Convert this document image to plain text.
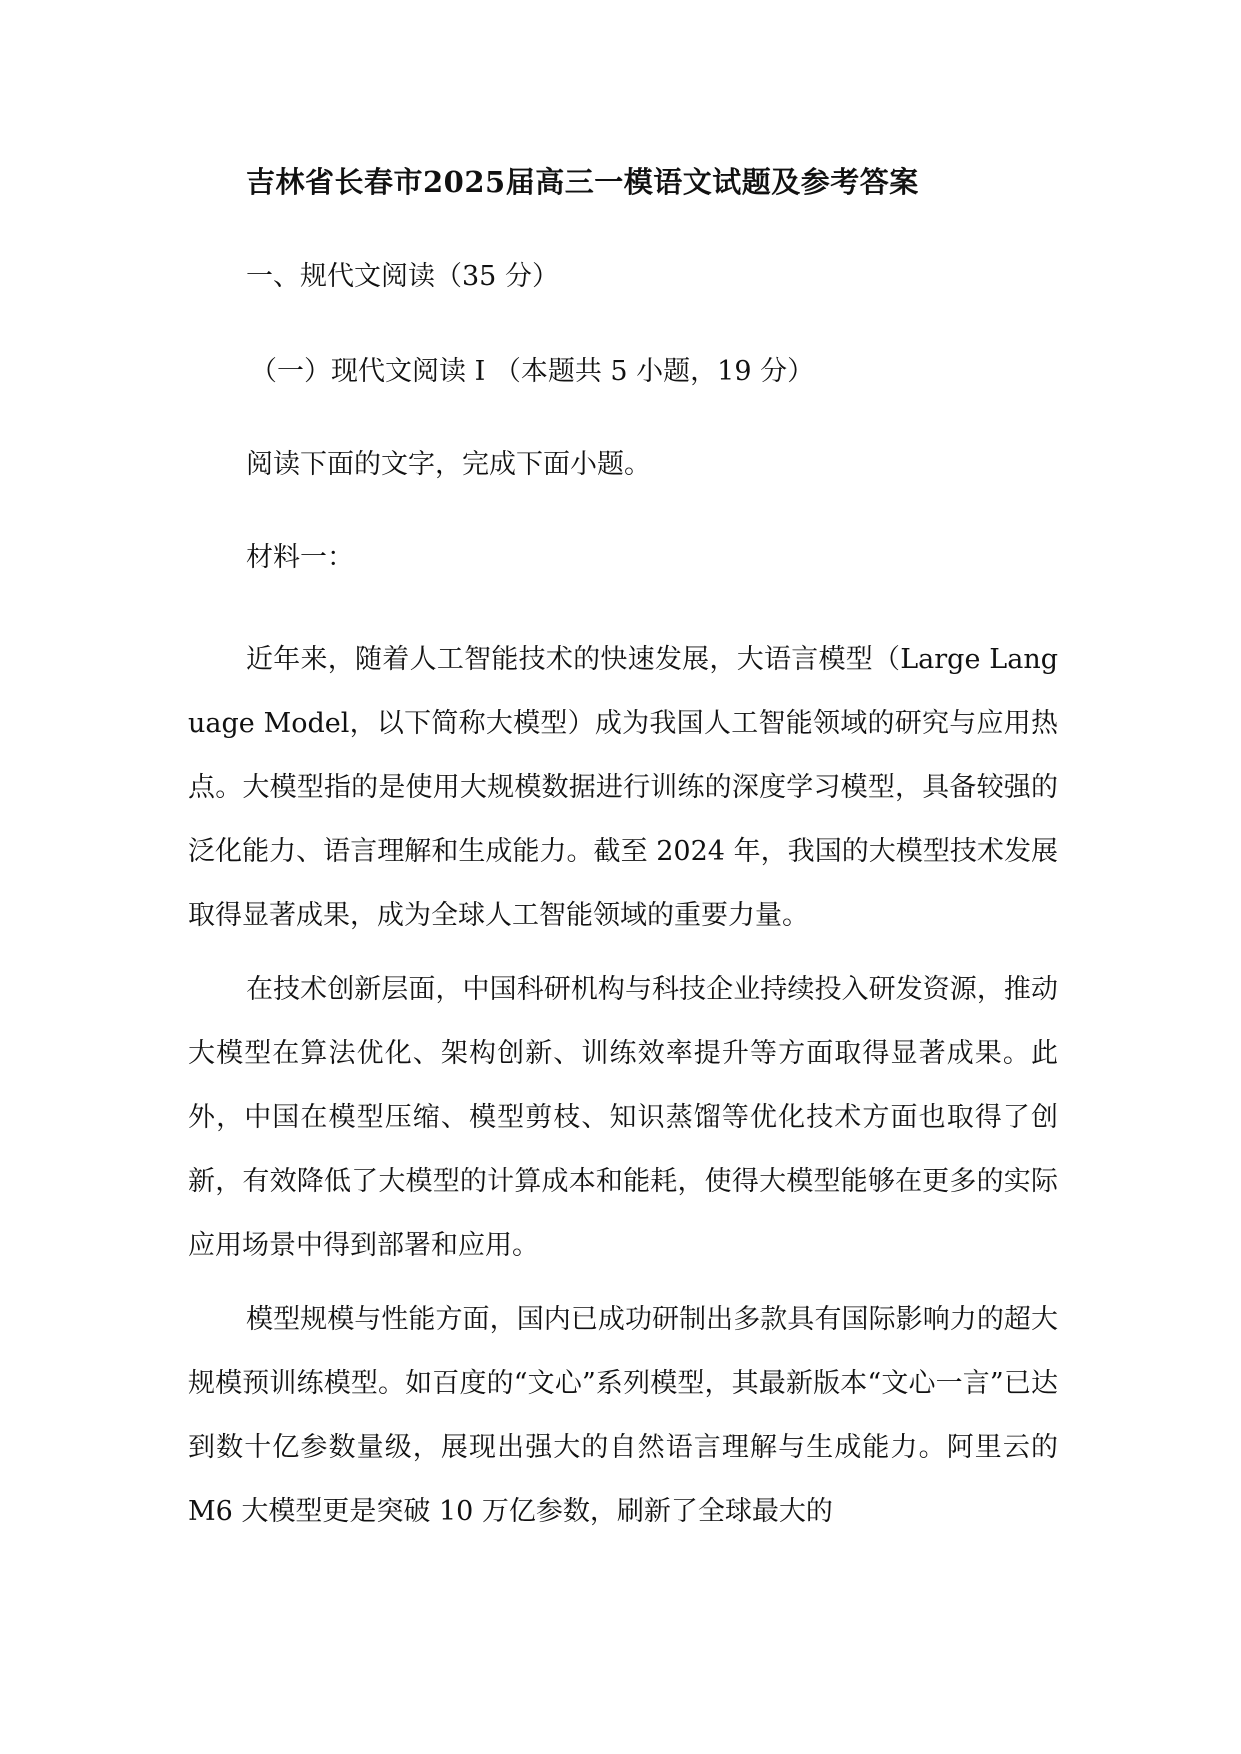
吉林省长春市2025届高三一模语文试题及参考答案
一、规代文阅读（35 分）
（一）现代文阅读 I （本题共 5 小题，19 分）
阅读下面的文字，完成下面小题。
材料一：

近年来，随着人工智能技术的快速发展，大语言模型（Large Language Model，以下简称大模型）成为我国人工智能领域的研究与应用热点。大模型指的是使用大规模数据进行训练的深度学习模型，具备较强的泛化能力、语言理解和生成能力。截至 2024 年，我国的大模型技术发展取得显著成果，成为全球人工智能领域的重要力量。

在技术创新层面，中国科研机构与科技企业持续投入研发资源，推动大模型在算法优化、架构创新、训练效率提升等方面取得显著成果。此外，中国在模型压缩、模型剪枝、知识蒸馏等优化技术方面也取得了创新，有效降低了大模型的计算成本和能耗，使得大模型能够在更多的实际应用场景中得到部署和应用。

模型规模与性能方面，国内已成功研制出多款具有国际影响力的超大规模预训练模型。如百度的“文心”系列模型，其最新版本“文心一言”已达到数十亿参数量级，展现出强大的自然语言理解与生成能力。阿里云的 M6 大模型更是突破 10 万亿参数，刷新了全球最大的
